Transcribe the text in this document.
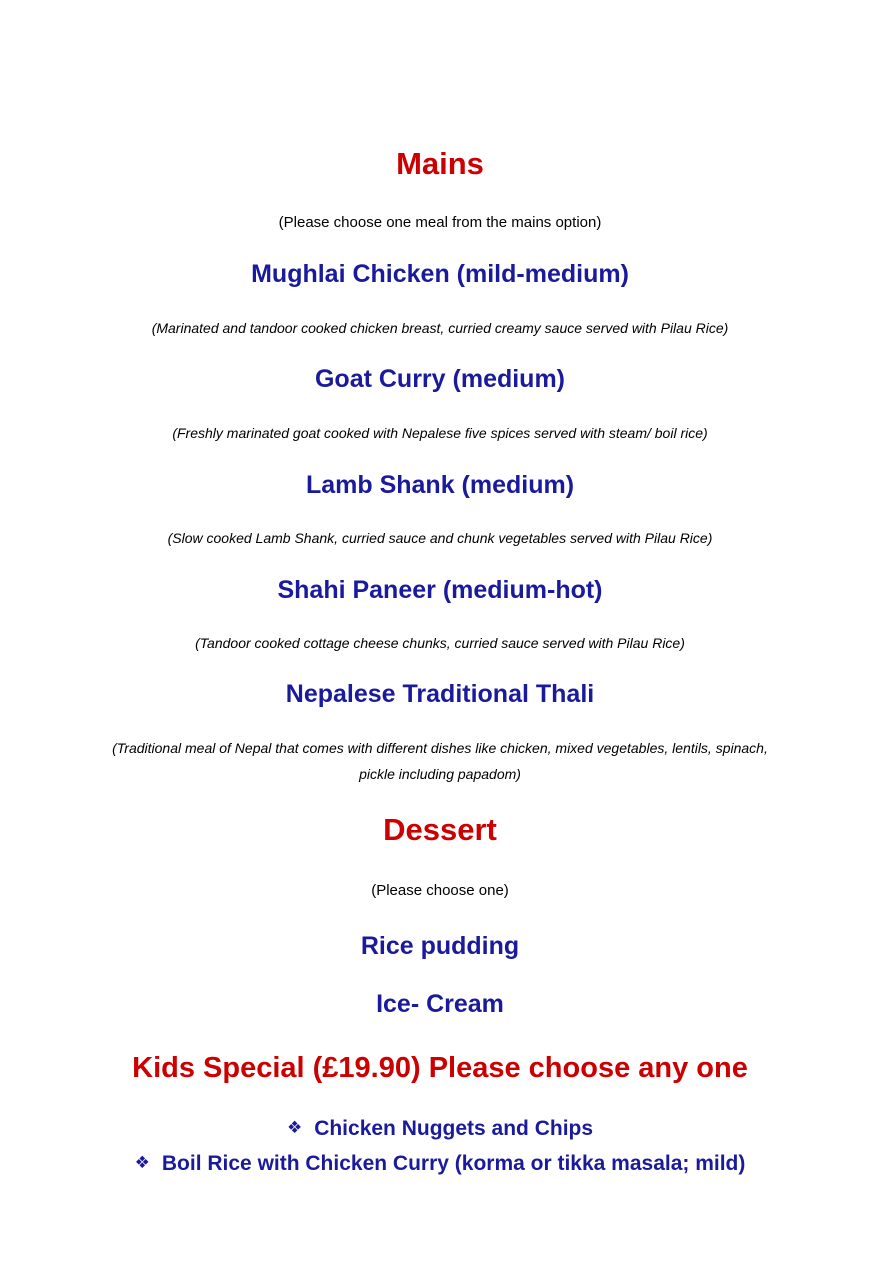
Mains
(Please choose one meal from the mains option)
Mughlai Chicken (mild-medium)
(Marinated and tandoor cooked chicken breast, curried creamy sauce served with Pilau Rice)
Goat Curry (medium)
(Freshly marinated goat cooked with Nepalese five spices served with steam/ boil rice)
Lamb Shank (medium)
(Slow cooked Lamb Shank, curried sauce and chunk vegetables served with Pilau Rice)
Shahi Paneer (medium-hot)
(Tandoor cooked cottage cheese chunks, curried sauce served with Pilau Rice)
Nepalese Traditional Thali
(Traditional meal of Nepal that comes with different dishes like chicken, mixed vegetables, lentils, spinach,
pickle including papadom)
Dessert
(Please choose one)
Rice pudding
Ice- Cream
Kids Special (£19.90) Please choose any one
❖ Chicken Nuggets and Chips
❖ Boil Rice with Chicken Curry (korma or tikka masala; mild)
